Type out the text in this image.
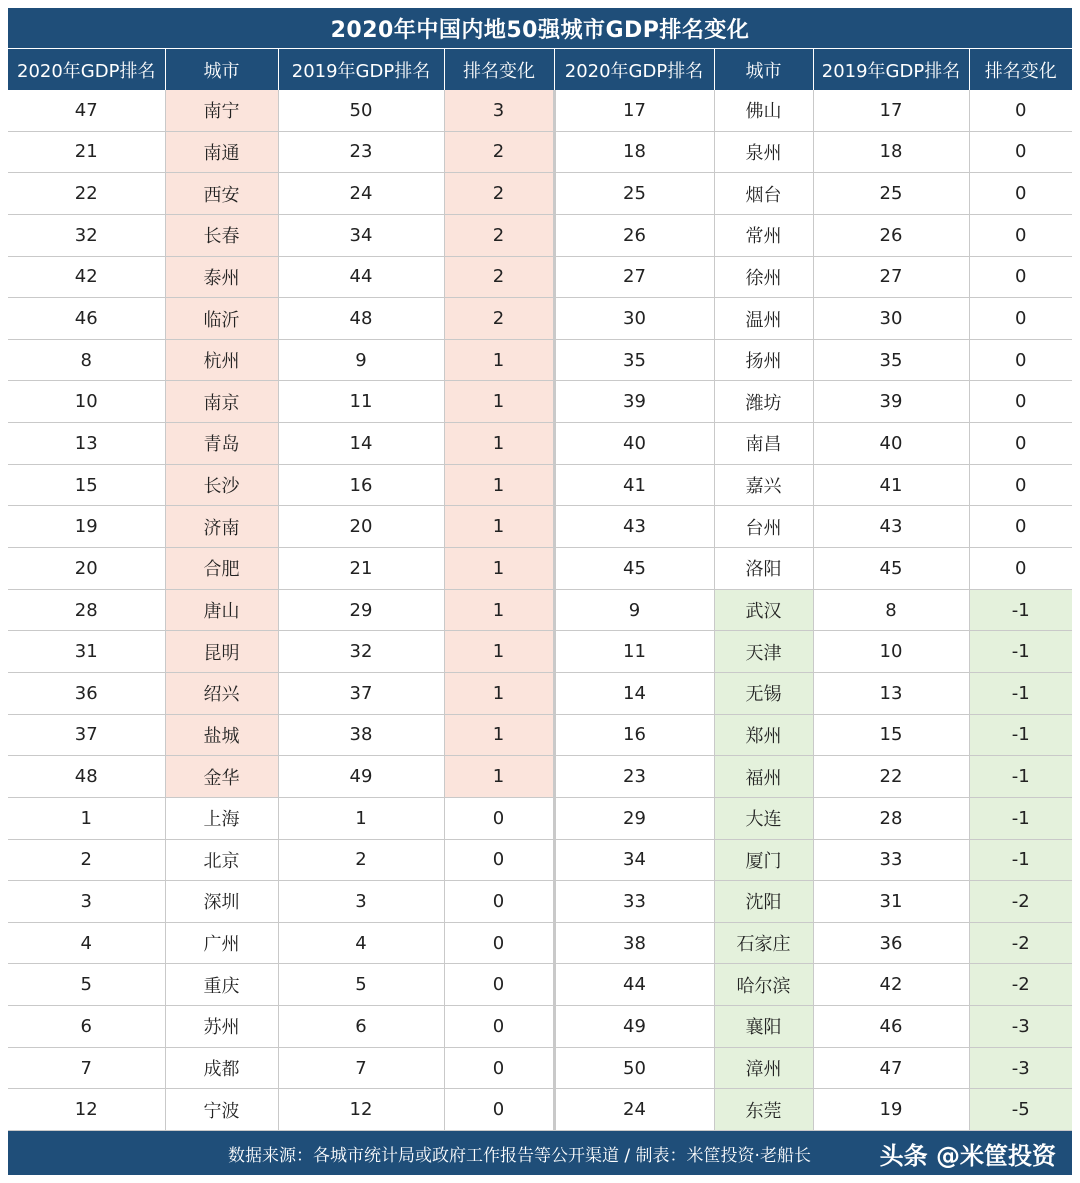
2020年中国内地50强城市GDP排名变化
2020年GDP排名	城市	2019年GDP排名	排名变化	2020年GDP排名	城市	2019年GDP排名	排名变化
47	南宁	50	3	17	佛山	17	0
21	南通	23	2	18	泉州	18	0
22	西安	24	2	25	烟台	25	0
32	长春	34	2	26	常州	26	0
42	泰州	44	2	27	徐州	27	0
46	临沂	48	2	30	温州	30	0
8	杭州	9	1	35	扬州	35	0
10	南京	11	1	39	潍坊	39	0
13	青岛	14	1	40	南昌	40	0
15	长沙	16	1	41	嘉兴	41	0
19	济南	20	1	43	台州	43	0
20	合肥	21	1	45	洛阳	45	0
28	唐山	29	1	9	武汉	8	-1
31	昆明	32	1	11	天津	10	-1
36	绍兴	37	1	14	无锡	13	-1
37	盐城	38	1	16	郑州	15	-1
48	金华	49	1	23	福州	22	-1
1	上海	1	0	29	大连	28	-1
2	北京	2	0	34	厦门	33	-1
3	深圳	3	0	33	沈阳	31	-2
4	广州	4	0	38	石家庄	36	-2
5	重庆	5	0	44	哈尔滨	42	-2
6	苏州	6	0	49	襄阳	46	-3
7	成都	7	0	50	漳州	47	-3
12	宁波	12	0	24	东莞	19	-5
数据来源：各城市统计局或政府工作报告等公开渠道 / 制表：米筐投资·老船长	头条 @米筐投资
